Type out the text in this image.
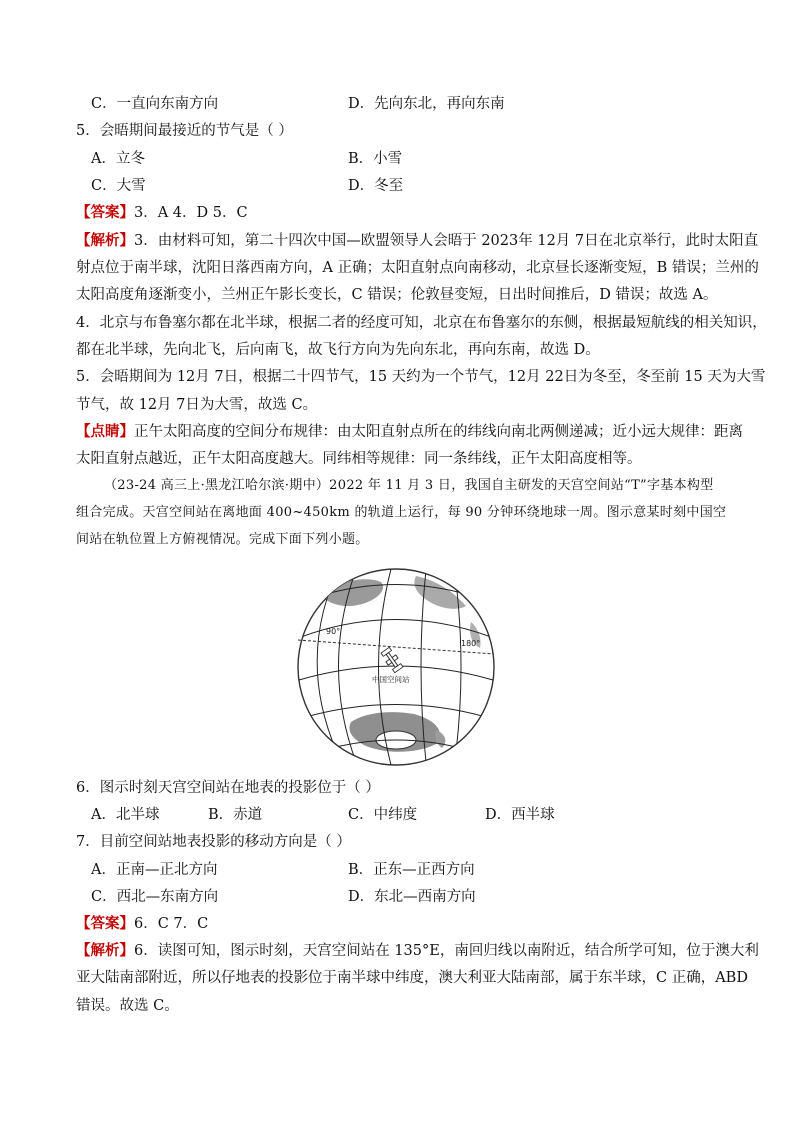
C．一直向东南方向	D．先向东北，再向东南
5．会晤期间最接近的节气是（ ）
A．立冬	B．小雪
C．大雪	D．冬至
【答案】3．A 4．D 5．C
【解析】3．由材料可知，第二十四次中国—欧盟领导人会晤于 2023年 12月 7日在北京举行，此时太阳直
射点位于南半球，沈阳日落西南方向，A 正确；太阳直射点向南移动，北京昼长逐渐变短，B 错误；兰州的
太阳高度角逐渐变小，兰州正午影长变长，C 错误；伦敦昼变短，日出时间推后，D 错误；故选 A。
4．北京与布鲁塞尔都在北半球，根据二者的经度可知，北京在布鲁塞尔的东侧，根据最短航线的相关知识，
都在北半球，先向北飞，后向南飞，故飞行方向为先向东北，再向东南，故选 D。
5．会晤期间为 12月 7日，根据二十四节气，15 天约为一个节气，12月 22日为冬至，冬至前 15 天为大雪
节气，故 12月 7日为大雪，故选 C。
【点睛】正午太阳高度的空间分布规律：由太阳直射点所在的纬线向南北两侧递减；近小远大规律：距离
太阳直射点越近，正午太阳高度越大。同纬相等规律：同一条纬线，正午太阳高度相等。
（23-24 高三上·黑龙江哈尔滨·期中）2022 年 11 月 3 日，我国自主研发的天宫空间站“T”字基本构型
组合完成。天宫空间站在离地面 400~450km 的轨道上运行，每 90 分钟环绕地球一周。图示意某时刻中国空
间站在轨位置上方俯视情况。完成下面下列小题。
90°
180°
中国空间站
6．图示时刻天宫空间站在地表的投影位于（ ）
A．北半球	B．赤道	C．中纬度	D．西半球
7．目前空间站地表投影的移动方向是（ ）
A．正南—正北方向	B．正东—正西方向
C．西北—东南方向	D．东北—西南方向
【答案】6．C 7．C
【解析】6．读图可知，图示时刻，天宫空间站在 135°E，南回归线以南附近，结合所学可知，位于澳大利
亚大陆南部附近，所以仔地表的投影位于南半球中纬度，澳大利亚大陆南部，属于东半球，C 正确，ABD
错误。故选 C。
